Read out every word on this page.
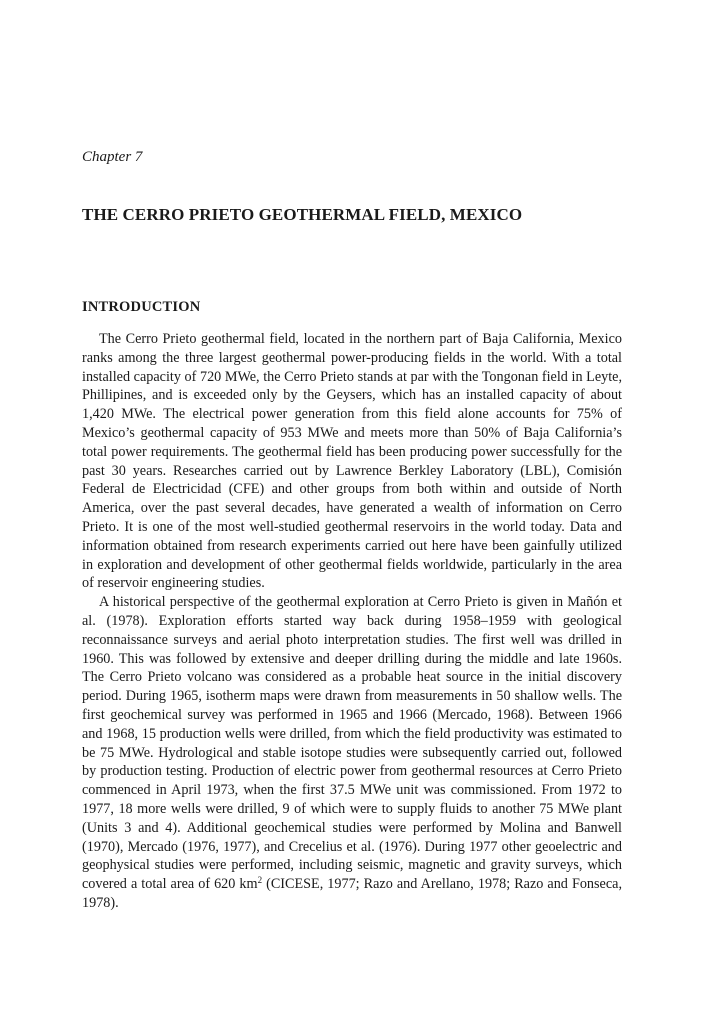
Chapter 7
THE CERRO PRIETO GEOTHERMAL FIELD, MEXICO
INTRODUCTION

The Cerro Prieto geothermal field, located in the northern part of Baja California, Mexico ranks among the three largest geothermal power-producing fields in the world. With a total installed capacity of 720 MWe, the Cerro Prieto stands at par with the Tongonan field in Leyte, Phillipines, and is exceeded only by the Geysers, which has an installed capacity of about 1,420 MWe. The electrical power generation from this field alone accounts for 75% of Mexico’s geothermal capacity of 953 MWe and meets more than 50% of Baja California’s total power requirements. The geothermal field has been producing power successfully for the past 30 years. Researches carried out by Lawrence Berkley Laboratory (LBL), Comisión Federal de Electricidad (CFE) and other groups from both within and outside of North America, over the past several decades, have generated a wealth of information on Cerro Prieto. It is one of the most well-studied geothermal reservoirs in the world today. Data and information obtained from research experiments carried out here have been gainfully utilized in exploration and development of other geothermal fields worldwide, particularly in the area of reservoir engineering studies.

A historical perspective of the geothermal exploration at Cerro Prieto is given in Mañón et al. (1978). Exploration efforts started way back during 1958–1959 with geological reconnaissance surveys and aerial photo interpretation studies. The first well was drilled in 1960. This was followed by extensive and deeper drilling during the middle and late 1960s. The Cerro Prieto volcano was considered as a probable heat source in the initial discovery period. During 1965, isotherm maps were drawn from measurements in 50 shallow wells. The first geochemical survey was performed in 1965 and 1966 (Mercado, 1968). Between 1966 and 1968, 15 production wells were drilled, from which the field productivity was estimated to be 75 MWe. Hydrological and stable isotope studies were subsequently carried out, followed by production testing. Production of electric power from geothermal resources at Cerro Prieto commenced in April 1973, when the first 37.5 MWe unit was commissioned. From 1972 to 1977, 18 more wells were drilled, 9 of which were to supply fluids to another 75 MWe plant (Units 3 and 4). Additional geochemical studies were performed by Molina and Banwell (1970), Mercado (1976, 1977), and Crecelius et al. (1976). During 1977 other geoelectric and geophysical studies were performed, including seismic, magnetic and gravity surveys, which covered a total area of 620 $km^2$ (CICESE, 1977; Razo and Arellano, 1978; Razo and Fonseca, 1978).
